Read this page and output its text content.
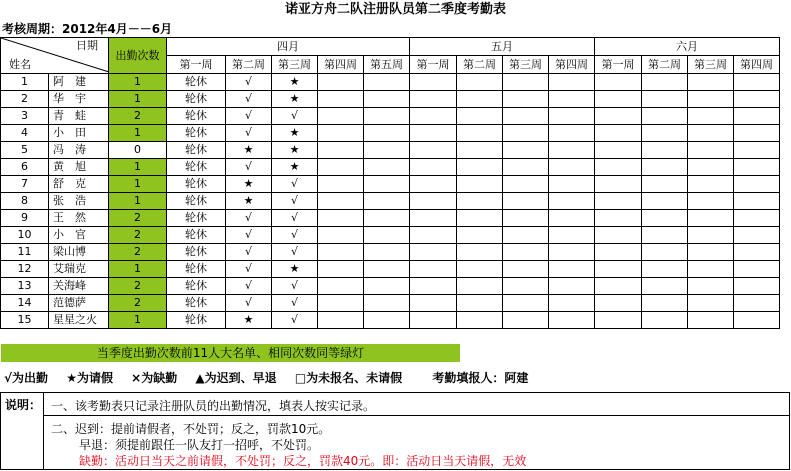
诺亚方舟二队注册队员第二季度考勤表
考核周期：2012年4月－－6月
日期
姓名		出勤次数	四月					五月				六月			
			第一周	第二周	第三周	第四周	第五周	第一周	第二周	第三周	第四周	第一周	第二周	第三周	第四周
1	阿　建	1	轮休	√	★										
2	华　宇	1	轮休	√	★										
3	青　蛙	2	轮休	√	√										
4	小　田	1	轮休	√	★										
5	冯　涛	0	轮休	★	★										
6	黄　旭	1	轮休	√	★										
7	舒　克	1	轮休	★	√										
8	张　浩	1	轮休	★	√										
9	王　然	2	轮休	√	√										
10	小　官	2	轮休	√	√										
11	梁山博	2	轮休	√	√										
12	艾瑞克	1	轮休	√	★										
13	关海峰	2	轮休	√	√										
14	范德萨	2	轮休	√	√										
15	星星之火	1	轮休	★	√										
当季度出勤次数前11人大名单、相同次数同等绿灯
√为出勤 ★为请假 ×为缺勤 ▲为迟到、早退 □为未报名、未请假	考勤填报人：阿建
说明： 一、该考勤表只记录注册队员的出勤情况，填表人按实记录。
二、迟到：提前请假者，不处罚；反之，罚款10元。
早退：须提前跟任一队友打一招呼，不处罚。
缺勤：活动日当天之前请假，不处罚；反之，罚款40元。即：活动日当天请假，无效
